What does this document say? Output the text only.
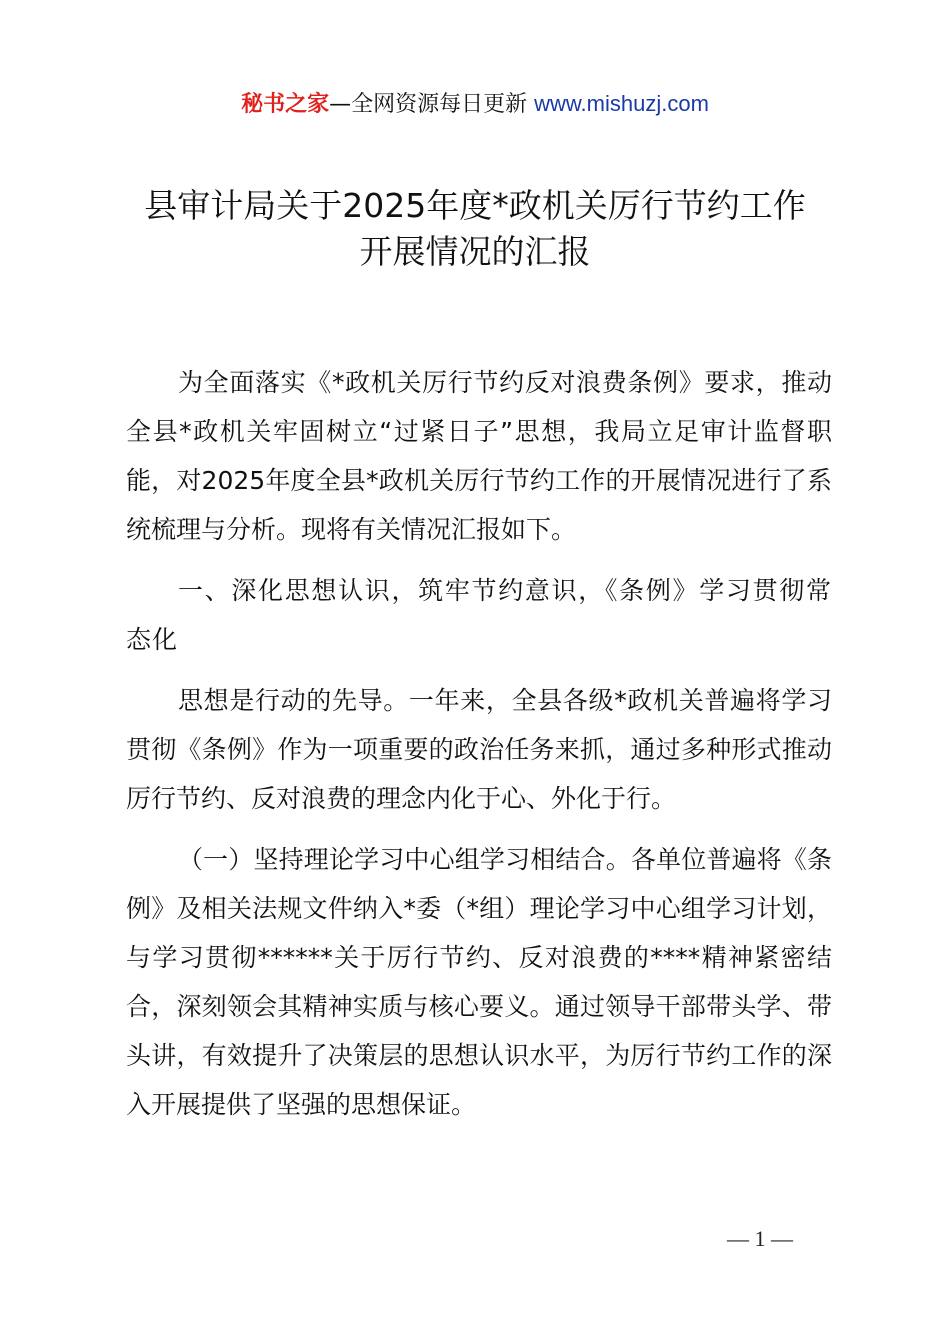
秘书之家—全网资源每日更新 www.mishuzj.com
县审计局关于2025年度*政机关厉行节约工作
开展情况的汇报

为全面落实《*政机关厉行节约反对浪费条例》要求，推动全县*政机关牢固树立“过紧日子”思想，我局立足审计监督职能，对2025年度全县*政机关厉行节约工作的开展情况进行了系统梳理与分析。现将有关情况汇报如下。

一、深化思想认识，筑牢节约意识，《条例》学习贯彻常态化

思想是行动的先导。一年来，全县各级*政机关普遍将学习贯彻《条例》作为一项重要的政治任务来抓，通过多种形式推动厉行节约、反对浪费的理念内化于心、外化于行。

（一）坚持理论学习中心组学习相结合。各单位普遍将《条例》及相关法规文件纳入*委（*组）理论学习中心组学习计划，与学习贯彻******关于厉行节约、反对浪费的****精神紧密结合，深刻领会其精神实质与核心要义。通过领导干部带头学、带头讲，有效提升了决策层的思想认识水平，为厉行节约工作的深入开展提供了坚强的思想保证。

— 1 —
